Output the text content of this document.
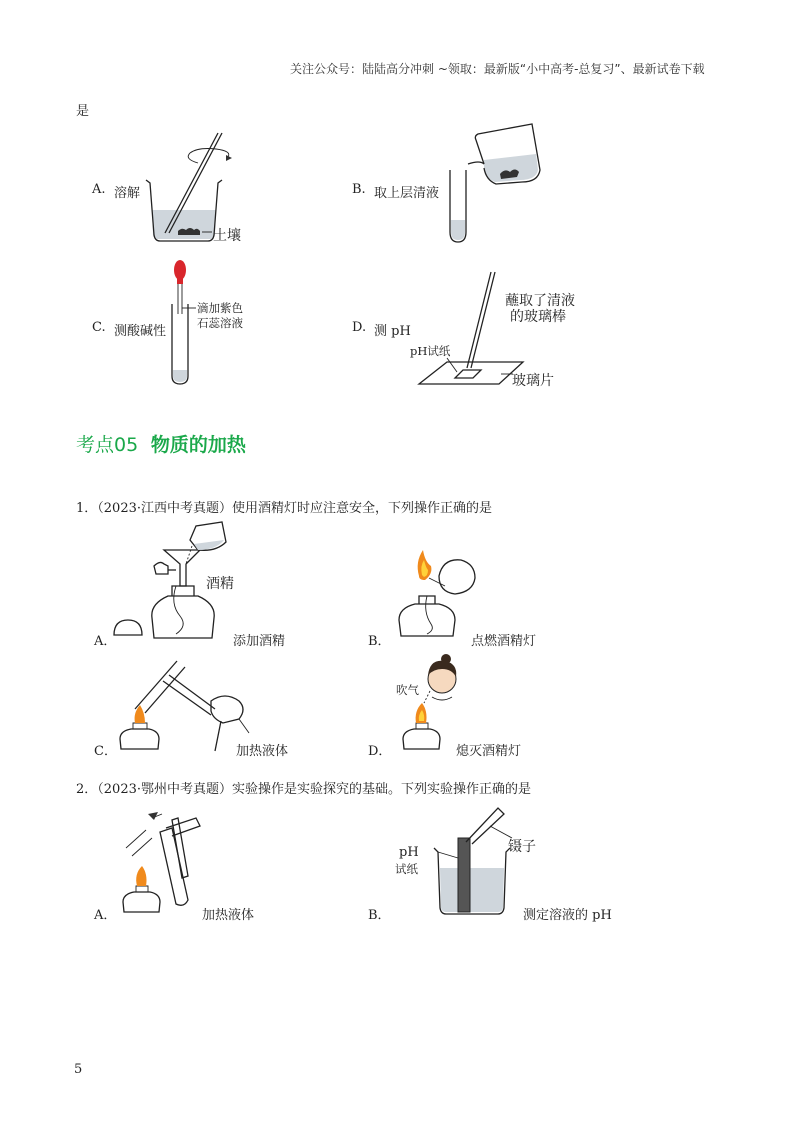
关注公众号：陆陆高分冲刺 ~领取：最新版“小中高考-总复习”、最新试卷下载
是
A. 溶解
土壤
B. 取上层清液
C. 测酸碱性
滴加紫色
石蕊溶液	D. 测 pH
蘸取了清液
的玻璃棒
pH试纸
玻璃片
考点05 物质的加热
1．（2023·江西中考真题）使用酒精灯时应注意安全，下列操作正确的是
酒精
A．	添加酒精	B．	点燃酒精灯
C．	加热液体
吹气
D．	熄灭酒精灯
2．（2023·鄂州中考真题）实验操作是实验探究的基础。下列实验操作正确的是
A．	加热液体
pH
试纸
镊子
B．	测定溶液的 pH
5
